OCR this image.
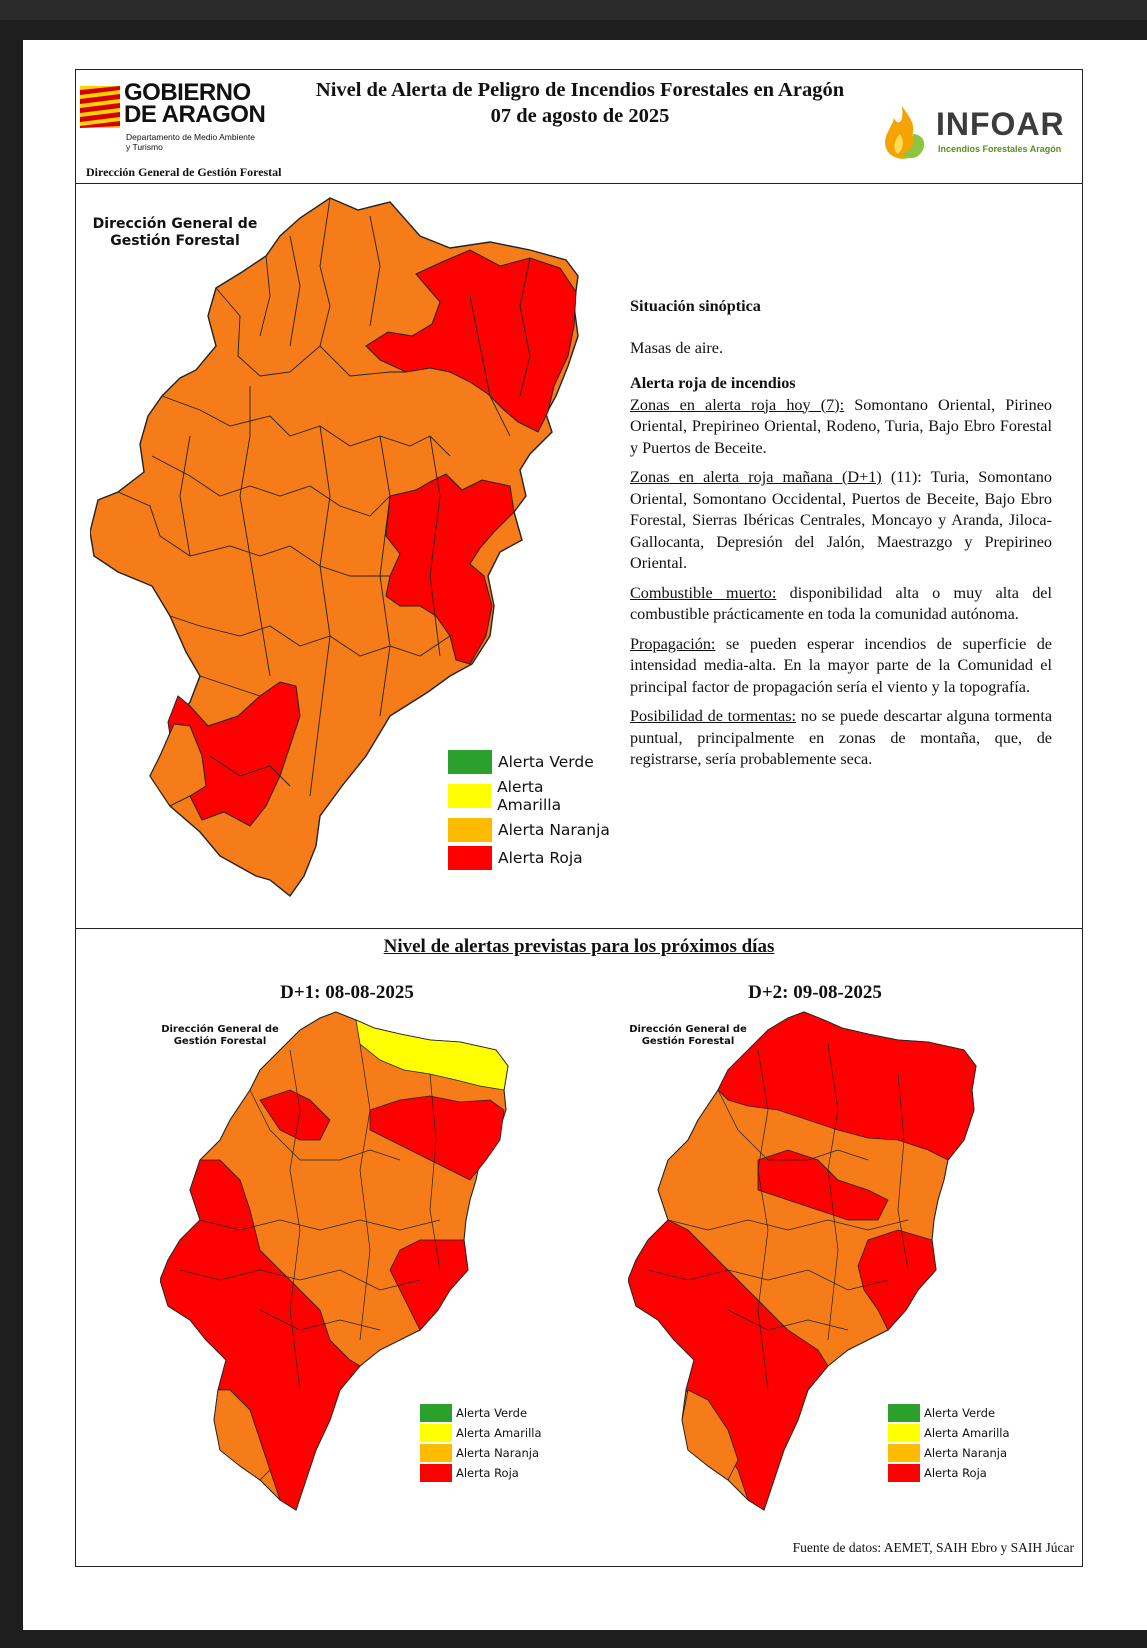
GOBIERNO
DE ARAGON
Departamento de Medio Ambiente
y Turismo
Dirección General de Gestión Forestal
Nivel de Alerta de Peligro de Incendios Forestales en Aragón
07 de agosto de 2025	INFOAR
Incendios Forestales Aragón
Dirección General de
Gestión Forestal
Alerta Verde
Alerta Amarilla
Alerta Naranja
Alerta Roja

Situación sinóptica

Masas de aire.

Alerta roja de incendios

Zonas en alerta roja hoy (7): Somontano Oriental, Pirineo Oriental, Prepirineo Oriental, Rodeno, Turia, Bajo Ebro Forestal y Puertos de Beceite.

Zonas en alerta roja mañana (D+1) (11): Turia, Somontano Oriental, Somontano Occidental, Puertos de Beceite, Bajo Ebro Forestal, Sierras Ibéricas Centrales, Moncayo y Aranda, Jiloca-Gallocanta, Depresión del Jalón, Maestrazgo y Prepirineo Oriental.

Combustible muerto: disponibilidad alta o muy alta del combustible prácticamente en toda la comunidad autónoma.

Propagación: se pueden esperar incendios de superficie de intensidad media-alta. En la mayor parte de la Comunidad el principal factor de propagación sería el viento y la topografía.

Posibilidad de tormentas: no se puede descartar alguna tormenta puntual, principalmente en zonas de montaña, que, de registrarse, sería probablemente seca.

Nivel de alertas previstas para los próximos días
D+1: 08-08-2025	D+2: 09-08-2025
Dirección General de
Gestión Forestal
Alerta Verde
Alerta Amarilla
Alerta Naranja
Alerta Roja
Dirección General de
Gestión Forestal
Alerta Verde
Alerta Amarilla
Alerta Naranja
Alerta Roja
Fuente de datos: AEMET, SAIH Ebro y SAIH Júcar
